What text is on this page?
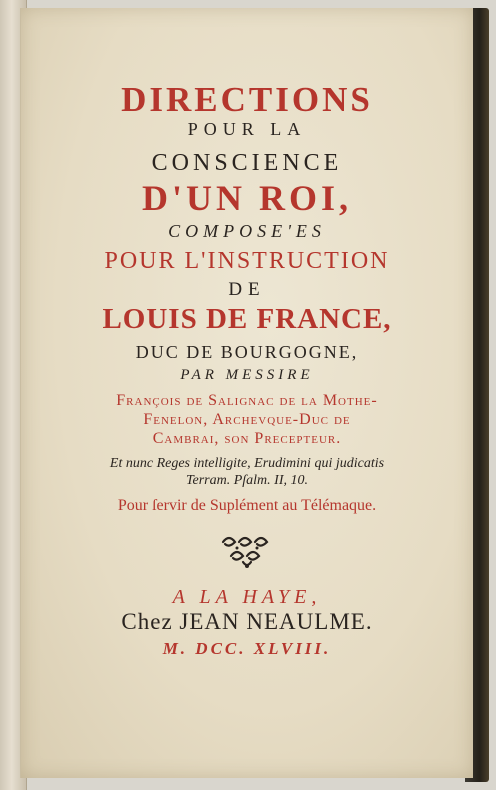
DIRECTIONS
POUR LA
CONSCIENCE
D'UN ROI,
COMPOSE'ES
POUR L'INSTRUCTION
DE
LOUIS DE FRANCE,
DUC DE BOURGOGNE,
PAR MESSIRE
François de Salignac de la Mothe-
Fenelon, Archevque-Duc de
Cambrai, son Precepteur.
Et nunc Reges intelligite, Erudimini qui judicatis
Terram. Pſalm. II, 10.
Pour ſervir de Suplément au Télémaque.
A LA HAYE,
Chez JEAN NEAULME.
M. DCC. XLVIII.
